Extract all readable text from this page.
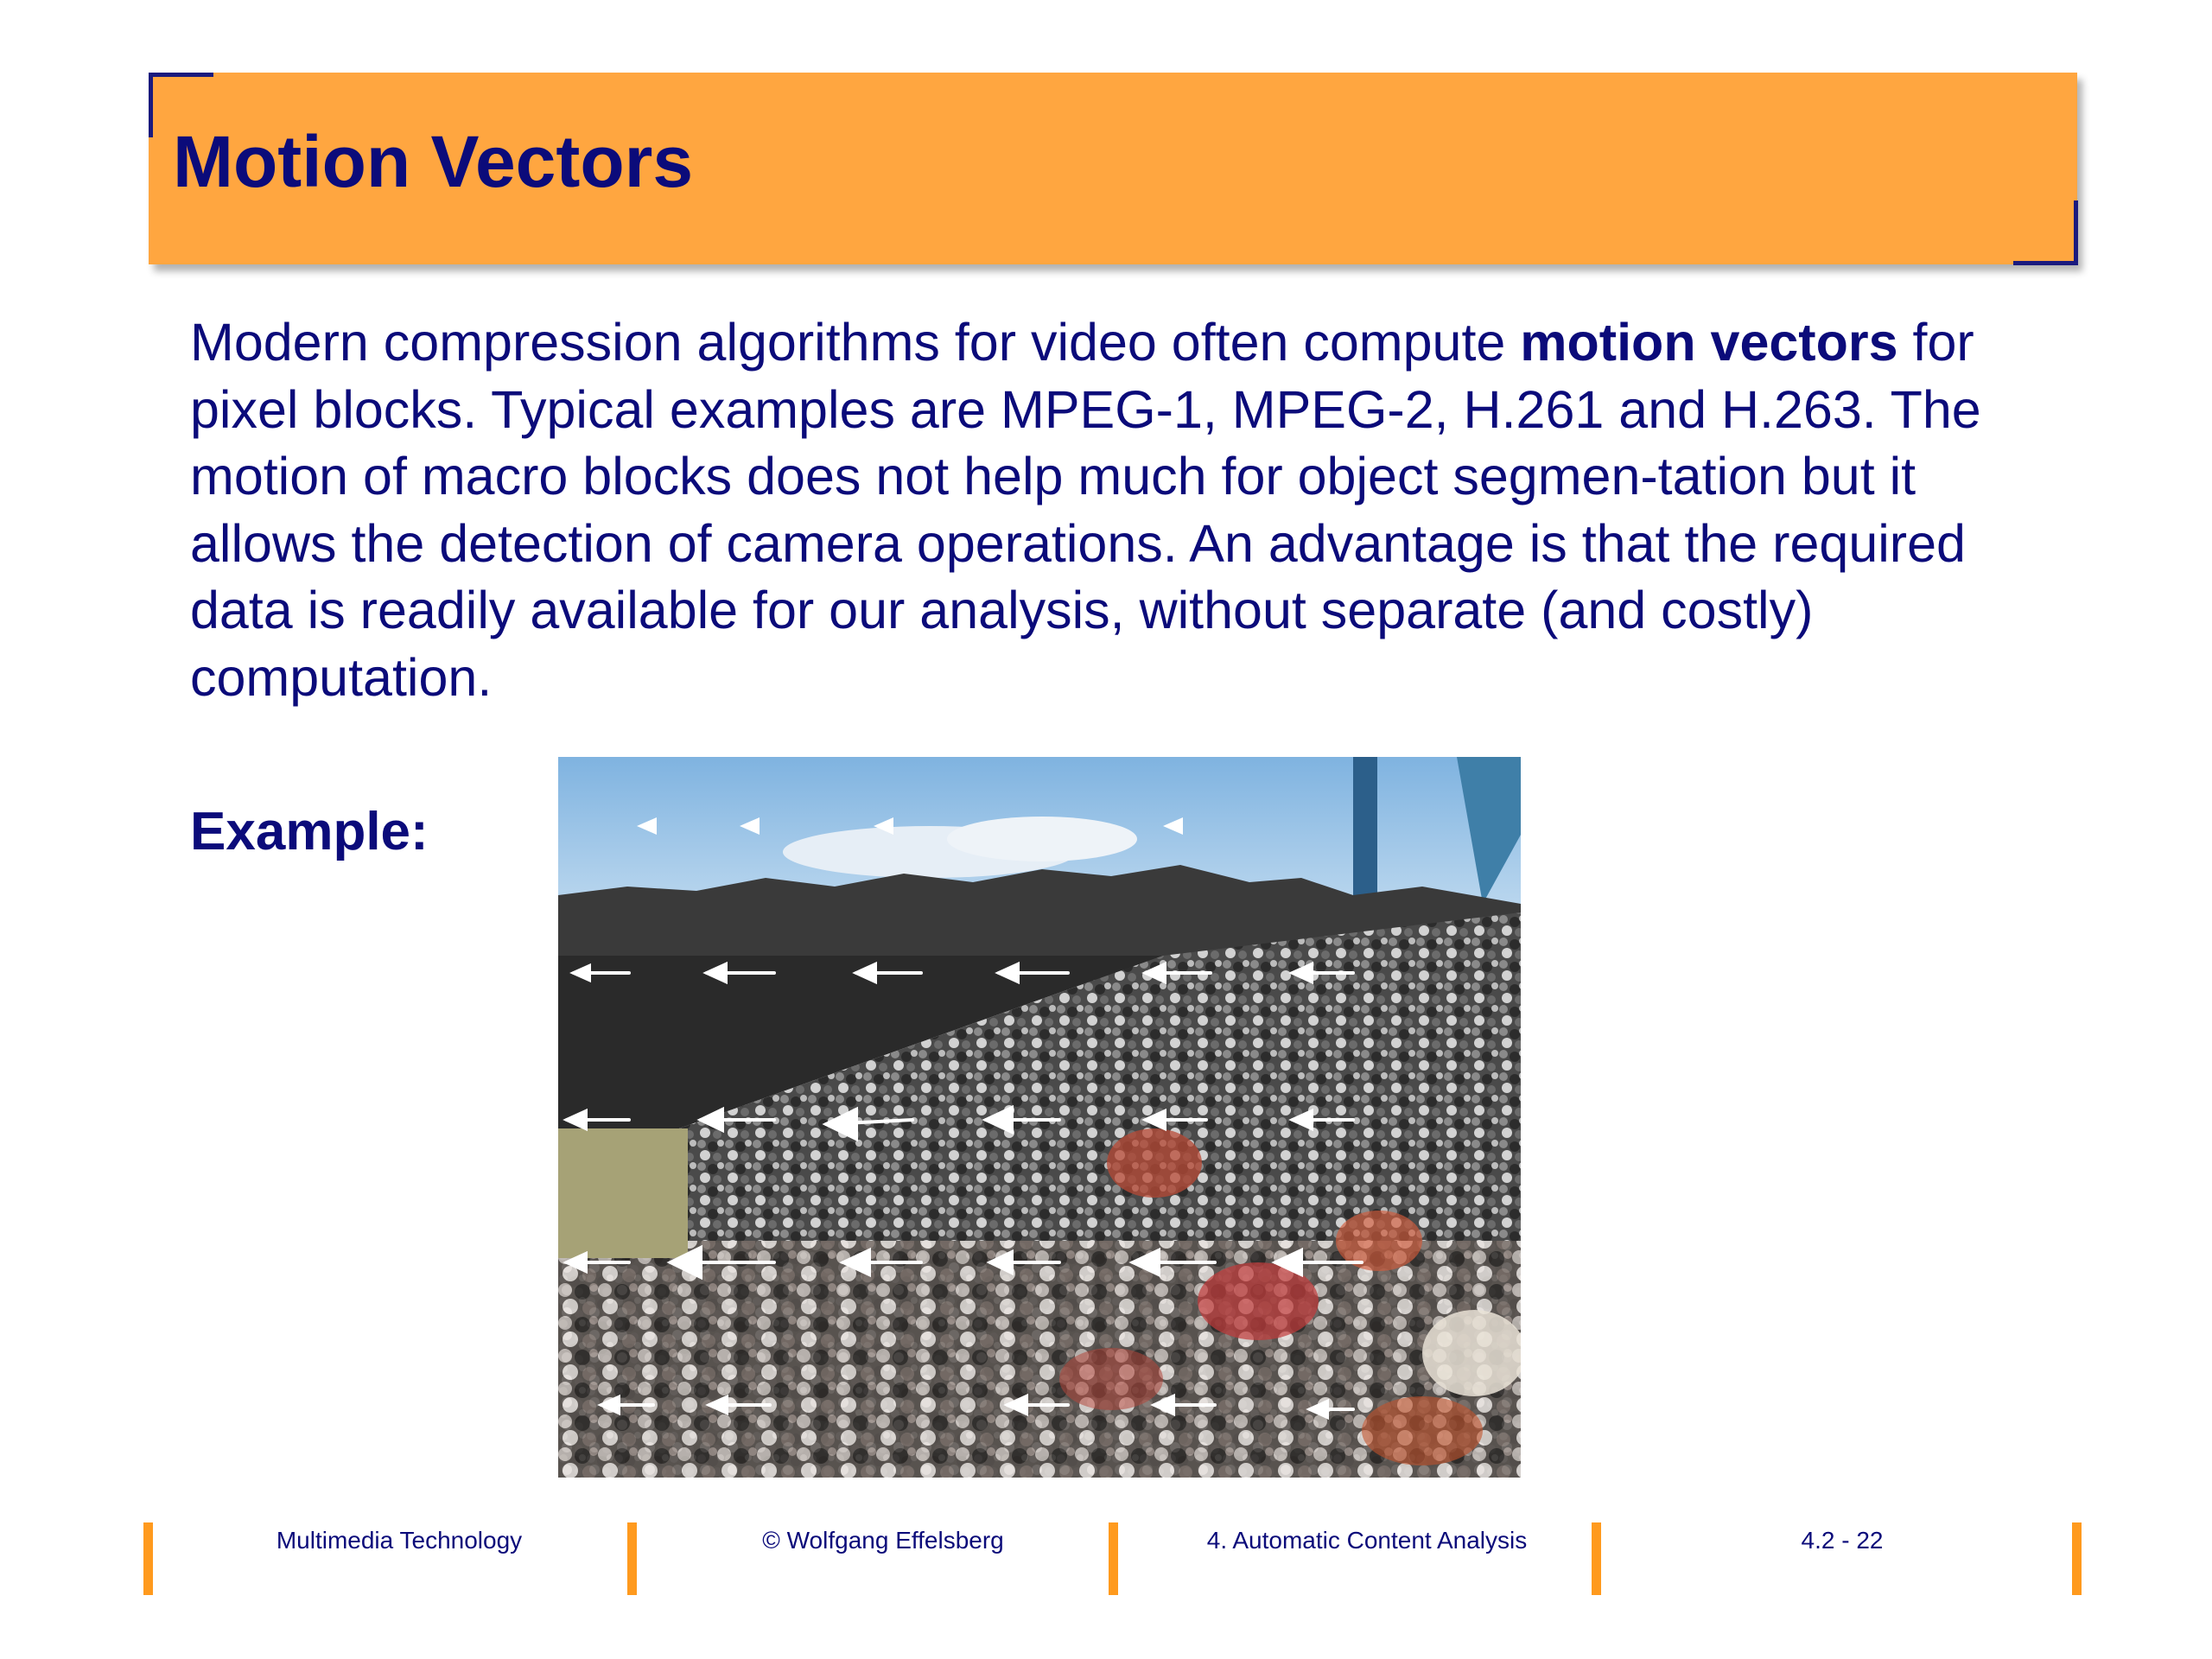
Motion Vectors

Modern compression algorithms for video often compute motion vectors for pixel blocks. Typical examples are MPEG-1, MPEG-2, H.261 and H.263. The motion of macro blocks does not help much for object segmen-tation but it allows the detection of camera operations. An advantage is that the required data is readily available for our analysis, without separate (and costly) computation.

Example:
Multimedia Technology	© Wolfgang Effelsberg	4. Automatic Content Analysis	4.2 - 22
